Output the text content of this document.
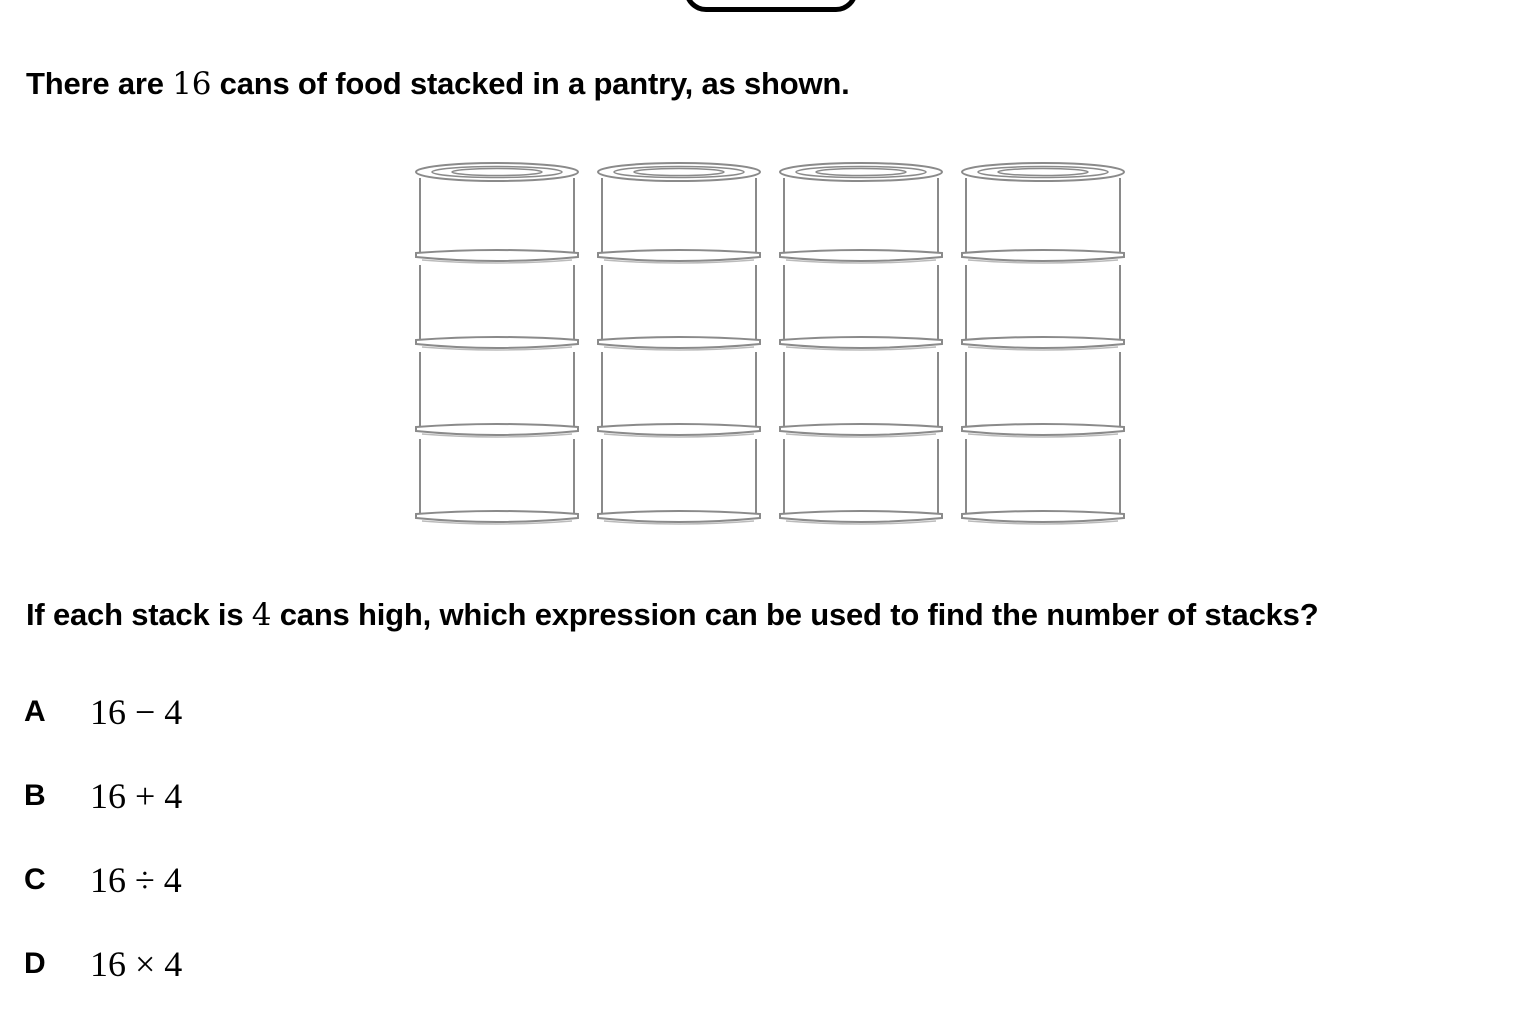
There are 16 cans of food stacked in a pantry, as shown.
If each stack is 4 cans high, which expression can be used to find the number of stacks?
A	16 − 4
B	16 + 4
C	16 ÷ 4
D	16 × 4
